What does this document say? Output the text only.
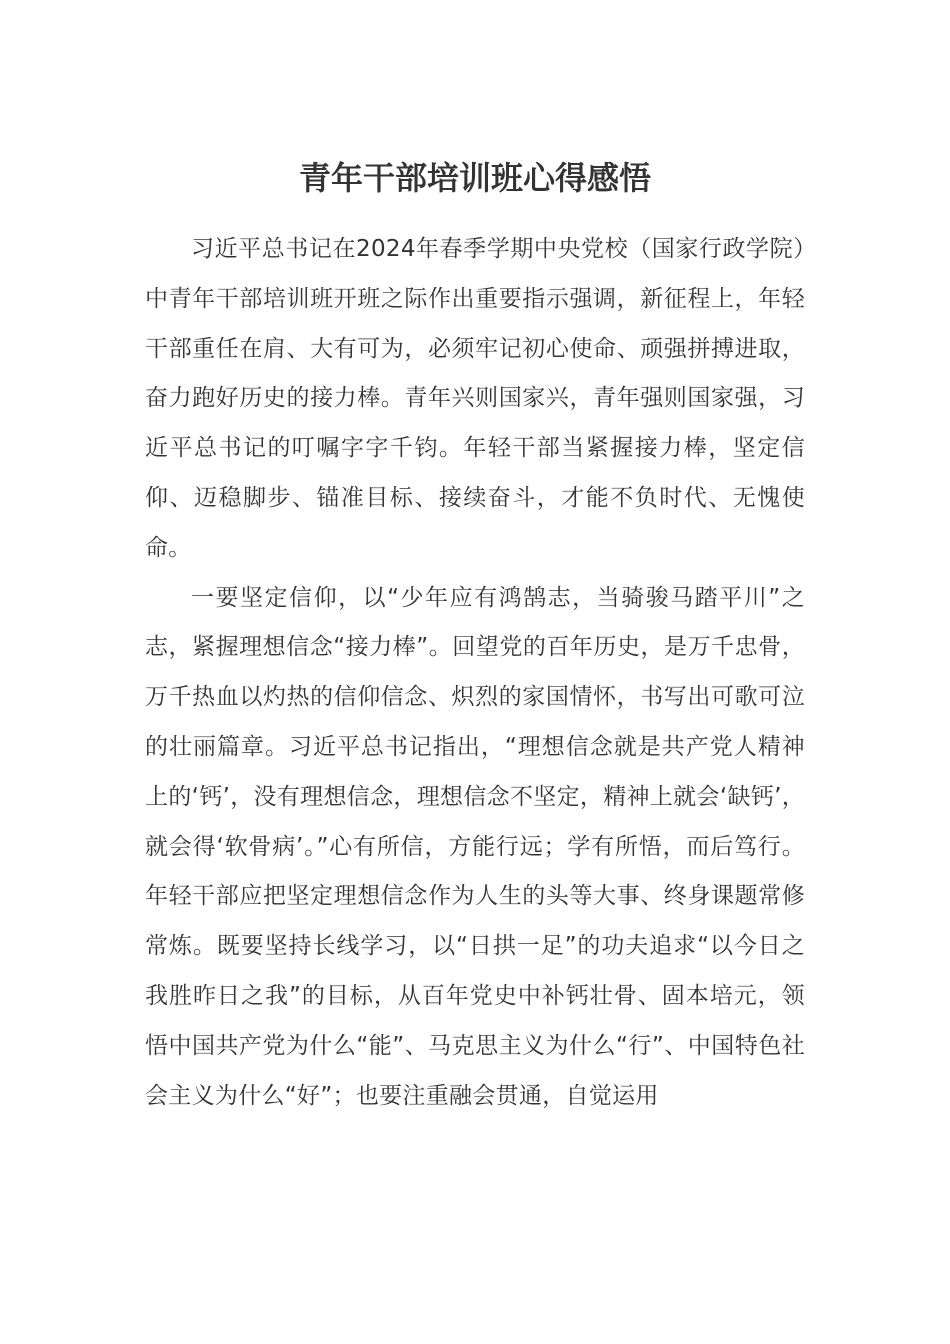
青年干部培训班心得感悟

习近平总书记在2024年春季学期中央党校（国家行政学院）中青年干部培训班开班之际作出重要指示强调，新征程上，年轻干部重任在肩、大有可为，必须牢记初心使命、顽强拼搏进取，奋力跑好历史的接力棒。青年兴则国家兴，青年强则国家强，习近平总书记的叮嘱字字千钧。年轻干部当紧握接力棒，坚定信仰、迈稳脚步、锚准目标、接续奋斗，才能不负时代、无愧使命。

一要坚定信仰，以“少年应有鸿鹄志，当骑骏马踏平川”之志，紧握理想信念“接力棒”。回望党的百年历史，是万千忠骨，万千热血以灼热的信仰信念、炽烈的家国情怀，书写出可歌可泣的壮丽篇章。习近平总书记指出，“理想信念就是共产党人精神上的‘钙’，没有理想信念，理想信念不坚定，精神上就会‘缺钙’，就会得‘软骨病’。”心有所信，方能行远；学有所悟，而后笃行。年轻干部应把坚定理想信念作为人生的头等大事、终身课题常修常炼。既要坚持长线学习，以“日拱一足”的功夫追求“以今日之我胜昨日之我”的目标，从百年党史中补钙壮骨、固本培元，领悟中国共产党为什么“能”、马克思主义为什么“行”、中国特色社会主义为什么“好”；也要注重融会贯通，自觉运用
